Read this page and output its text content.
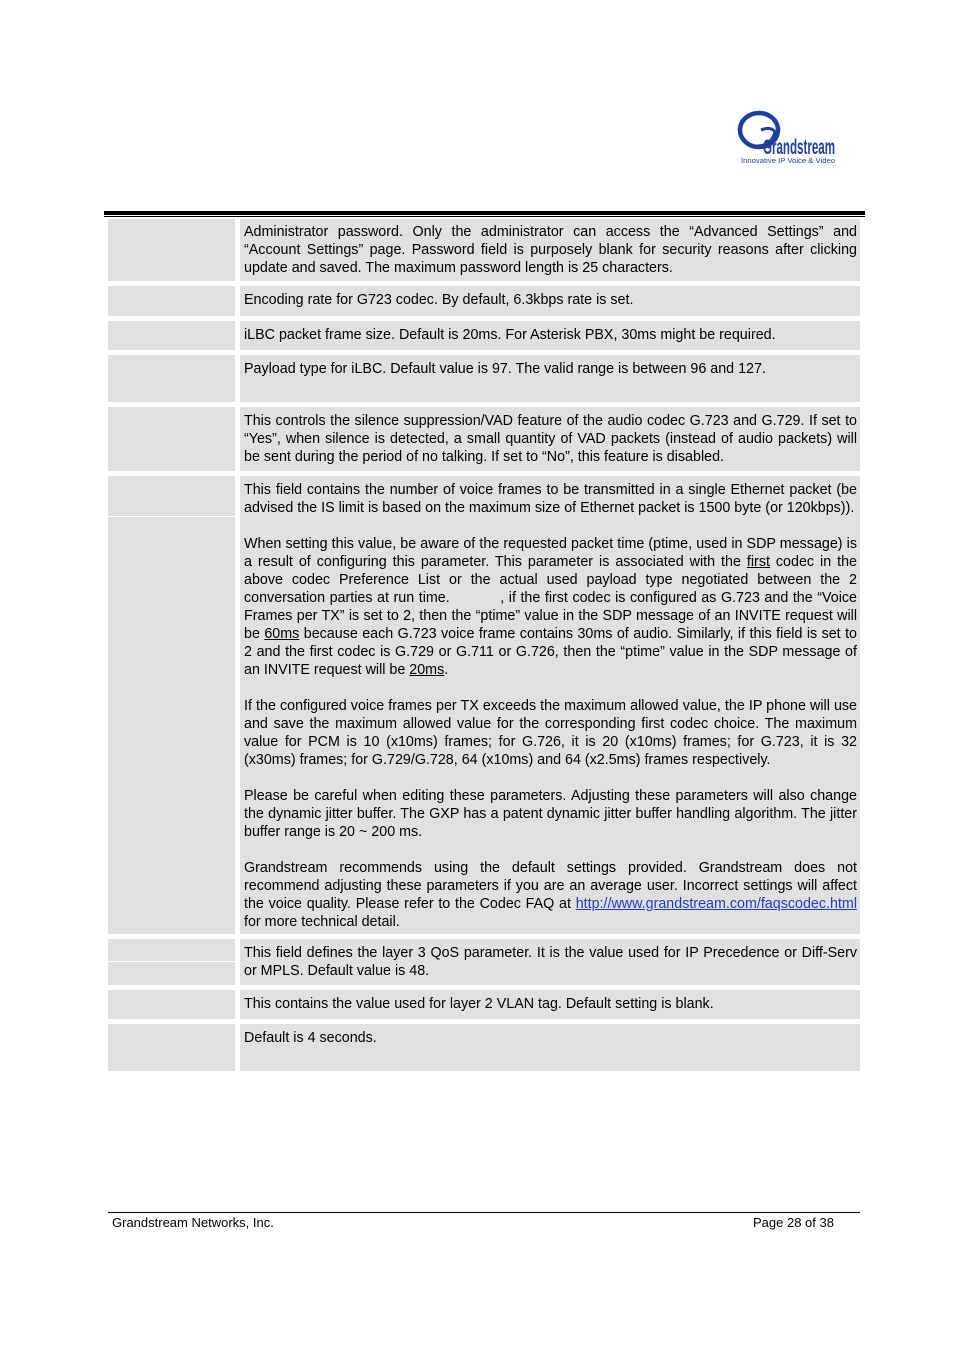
Grandstream
Innovative IP Voice & Video

Administrator password. Only the administrator can access the “Advanced Settings” and “Account Settings” page. Password field is purposely blank for security reasons after clicking update and saved. The maximum password length is 25 characters.

Encoding rate for G723 codec. By default, 6.3kbps rate is set.

iLBC packet frame size. Default is 20ms. For Asterisk PBX, 30ms might be required.

Payload type for iLBC. Default value is 97. The valid range is between 96 and 127.

This controls the silence suppression/VAD feature of the audio codec G.723 and G.729. If set to “Yes”, when silence is detected, a small quantity of VAD packets (instead of audio packets) will be sent during the period of no talking. If set to “No”, this feature is disabled.

This field contains the number of voice frames to be transmitted in a single Ethernet packet (be advised the IS limit is based on the maximum size of Ethernet packet is 1500 byte (or 120kbps)).

When setting this value, be aware of the requested packet time (ptime, used in SDP message) is a result of configuring this parameter. This parameter is associated with the first codec in the above codec Preference List or the actual used payload type negotiated between the 2 conversation parties at run time.	, if the first codec is configured as G.723 and the “Voice Frames per TX” is set to 2, then the “ptime” value in the SDP message of an INVITE request will be 60ms because each G.723 voice frame contains 30ms of audio. Similarly, if this field is set to 2 and the first codec is G.729 or G.711 or G.726, then the “ptime” value in the SDP message of an INVITE request will be 20ms.

If the configured voice frames per TX exceeds the maximum allowed value, the IP phone will use and save the maximum allowed value for the corresponding first codec choice. The maximum value for PCM is 10 (x10ms) frames; for G.726, it is 20 (x10ms) frames; for G.723, it is 32 (x30ms) frames; for G.729/G.728, 64 (x10ms) and 64 (x2.5ms) frames respectively.

Please be careful when editing these parameters. Adjusting these parameters will also change the dynamic jitter buffer. The GXP has a patent dynamic jitter buffer handling algorithm. The jitter buffer range is 20 ~ 200 ms.

Grandstream recommends using the default settings provided. Grandstream does not recommend adjusting these parameters if you are an average user. Incorrect settings will affect the voice quality. Please refer to the Codec FAQ at http://www.grandstream.com/faqscodec.html for more technical detail.

This field defines the layer 3 QoS parameter. It is the value used for IP Precedence or Diff-Serv or MPLS. Default value is 48.

This contains the value used for layer 2 VLAN tag. Default setting is blank.

Default is 4 seconds.

Grandstream Networks, Inc.	Page 28 of 38
